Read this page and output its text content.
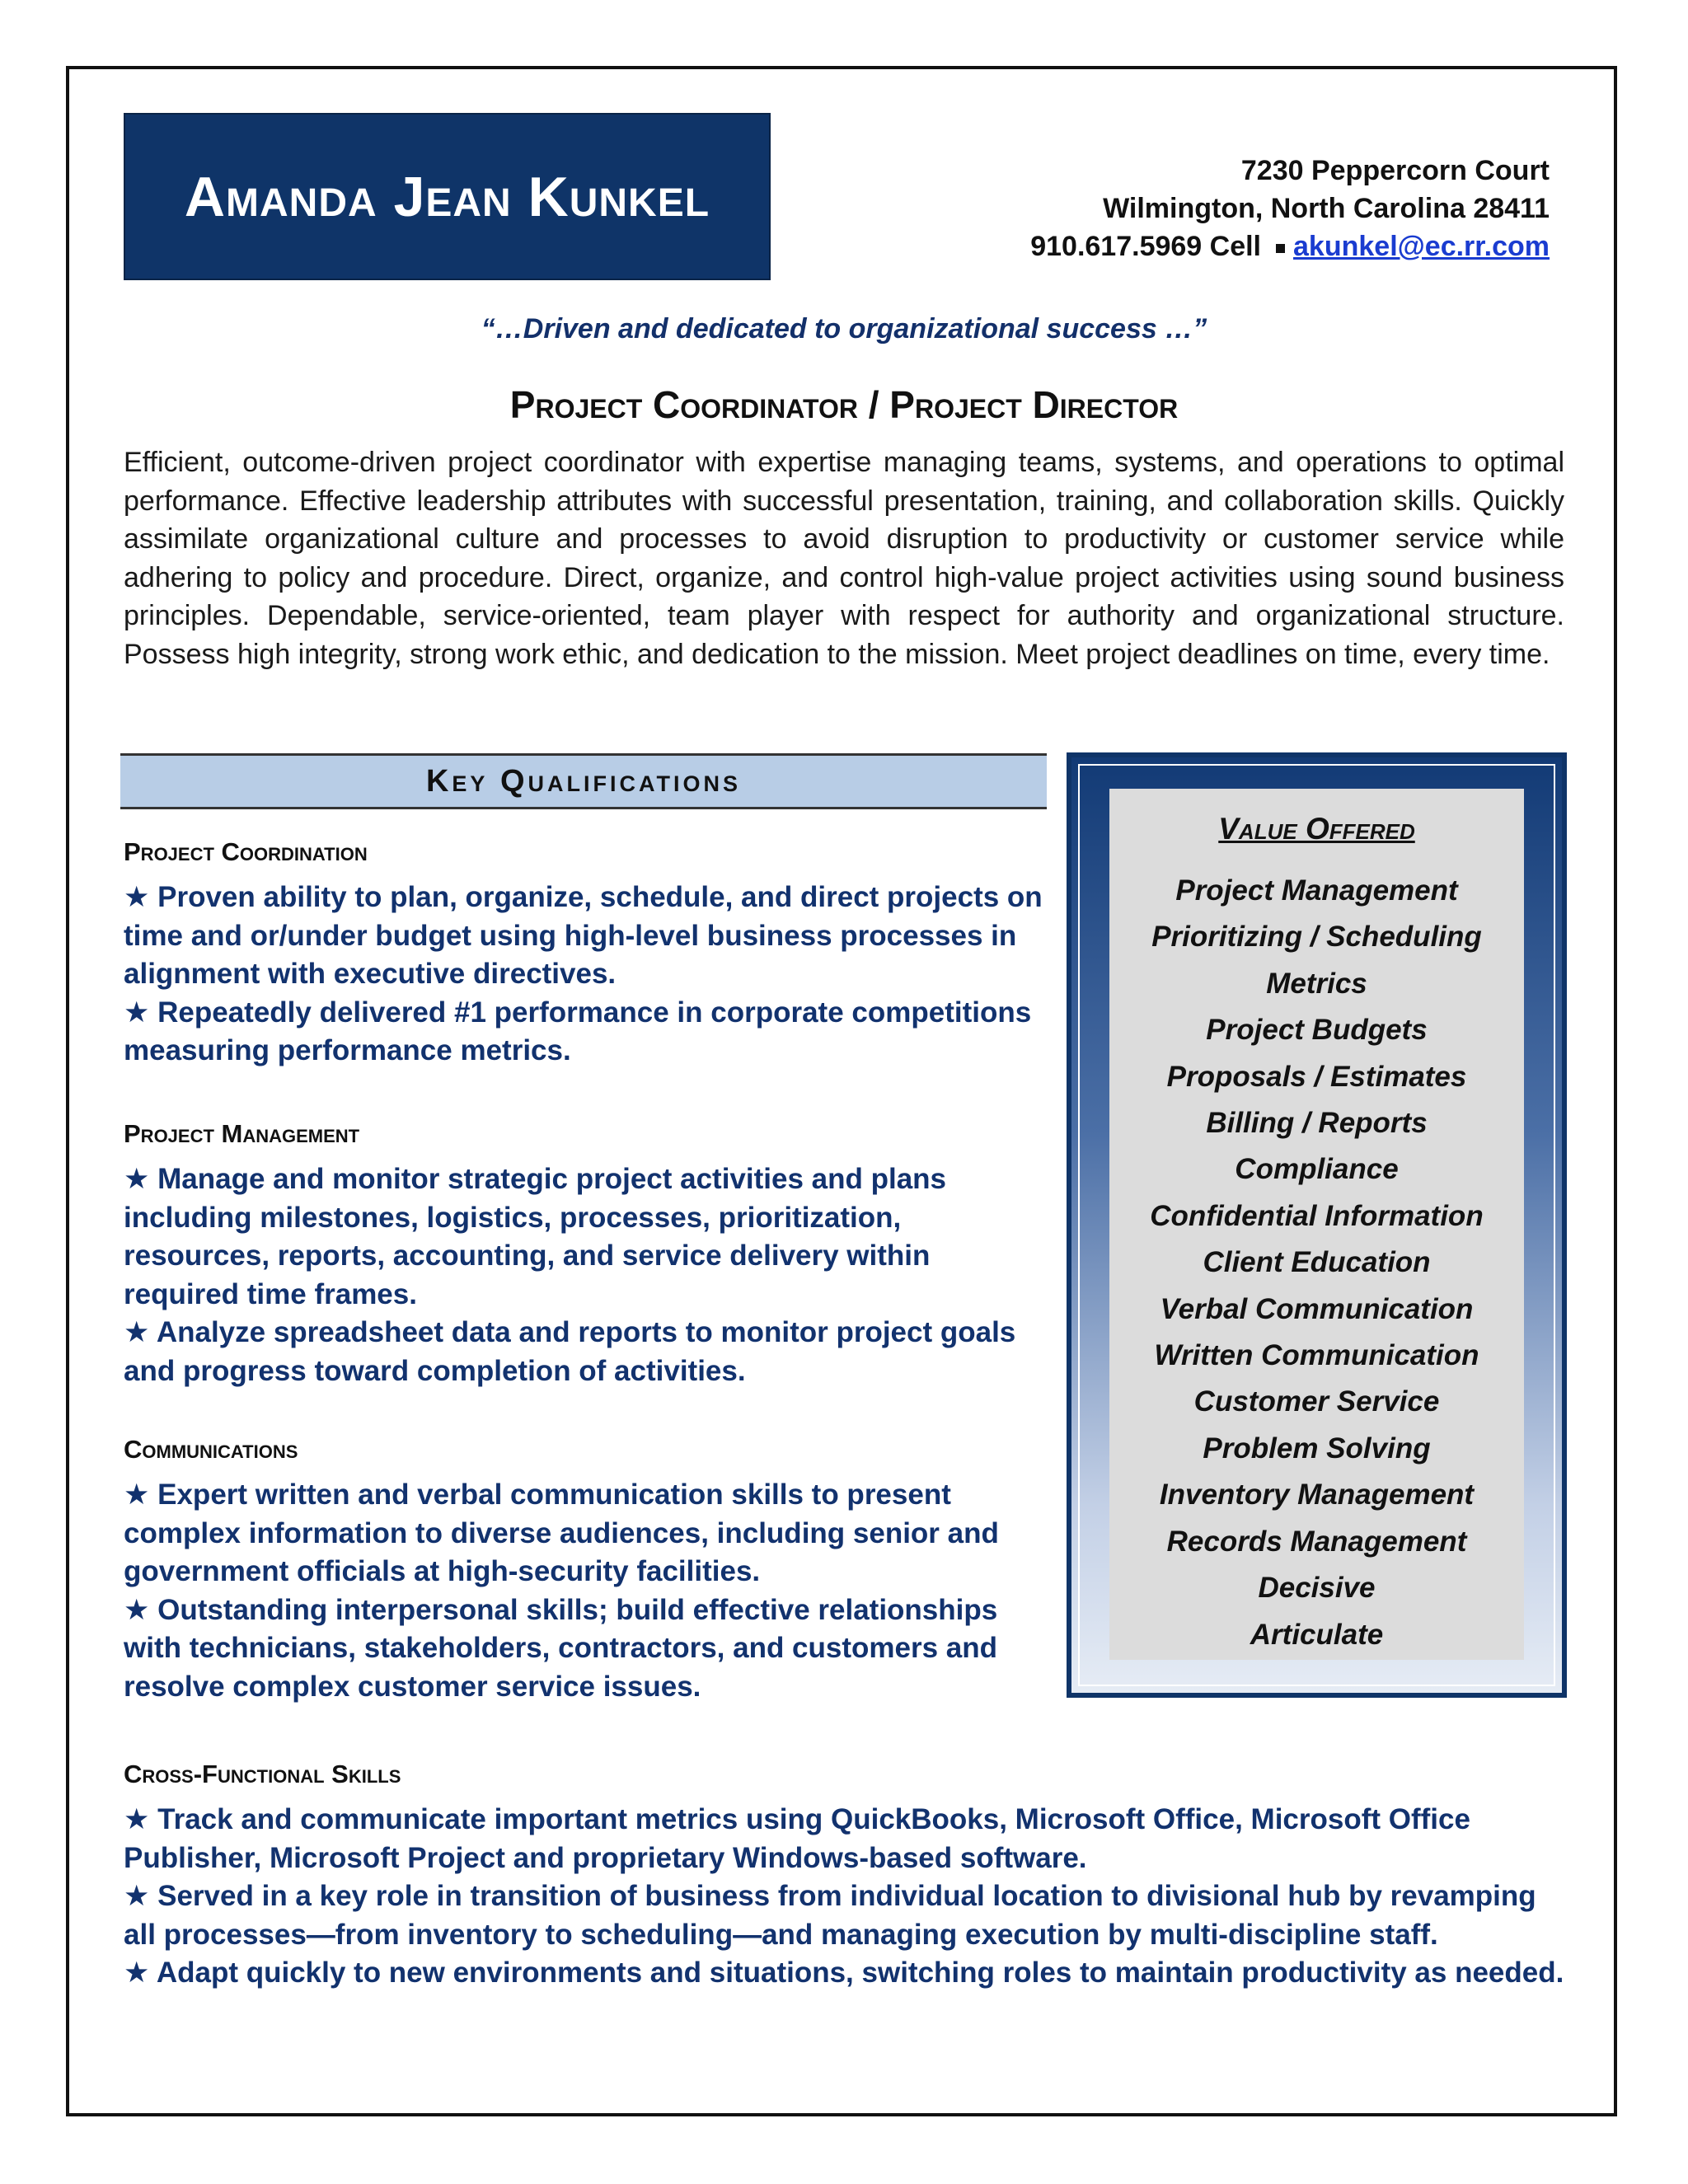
Amanda Jean Kunkel	7230 Peppercorn Court
Wilmington, North Carolina 28411
910.617.5969 Cell akunkel@ec.rr.com
“…Driven and dedicated to organizational success …”
Project Coordinator / Project Director
Efficient, outcome-driven project coordinator with expertise managing teams, systems, and operations to optimal performance. Effective leadership attributes with successful presentation, training, and collaboration skills. Quickly assimilate organizational culture and processes to avoid disruption to productivity or customer service while adhering to policy and procedure. Direct, organize, and control high-value project activities using sound business principles. Dependable, service-oriented, team player with respect for authority and organizational structure. Possess high integrity, strong work ethic, and dedication to the mission. Meet project deadlines on time, every time.
Key Qualifications
Project Coordination
★ Proven ability to plan, organize, schedule, and direct projects on time and or/under budget using high-level business processes in alignment with executive directives.
★ Repeatedly delivered #1 performance in corporate competitions measuring performance metrics.
Project Management
★ Manage and monitor strategic project activities and plans including milestones, logistics, processes, prioritization, resources, reports, accounting, and service delivery within required time frames.
★ Analyze spreadsheet data and reports to monitor project goals and progress toward completion of activities.
Communications
★ Expert written and verbal communication skills to present complex information to diverse audiences, including senior and government officials at high-security facilities.
★ Outstanding interpersonal skills; build effective relationships with technicians, stakeholders, contractors, and customers and resolve complex customer service issues.
Value Offered
Project Management
Prioritizing / Scheduling
Metrics
Project Budgets
Proposals / Estimates
Billing / Reports
Compliance
Confidential Information
Client Education
Verbal Communication
Written Communication
Customer Service
Problem Solving
Inventory Management
Records Management
Decisive
Articulate
Cross-Functional Skills
★ Track and communicate important metrics using QuickBooks, Microsoft Office, Microsoft Office Publisher, Microsoft Project and proprietary Windows-based software.
★ Served in a key role in transition of business from individual location to divisional hub by revamping all processes—from inventory to scheduling—and managing execution by multi-discipline staff.
★ Adapt quickly to new environments and situations, switching roles to maintain productivity as needed.
